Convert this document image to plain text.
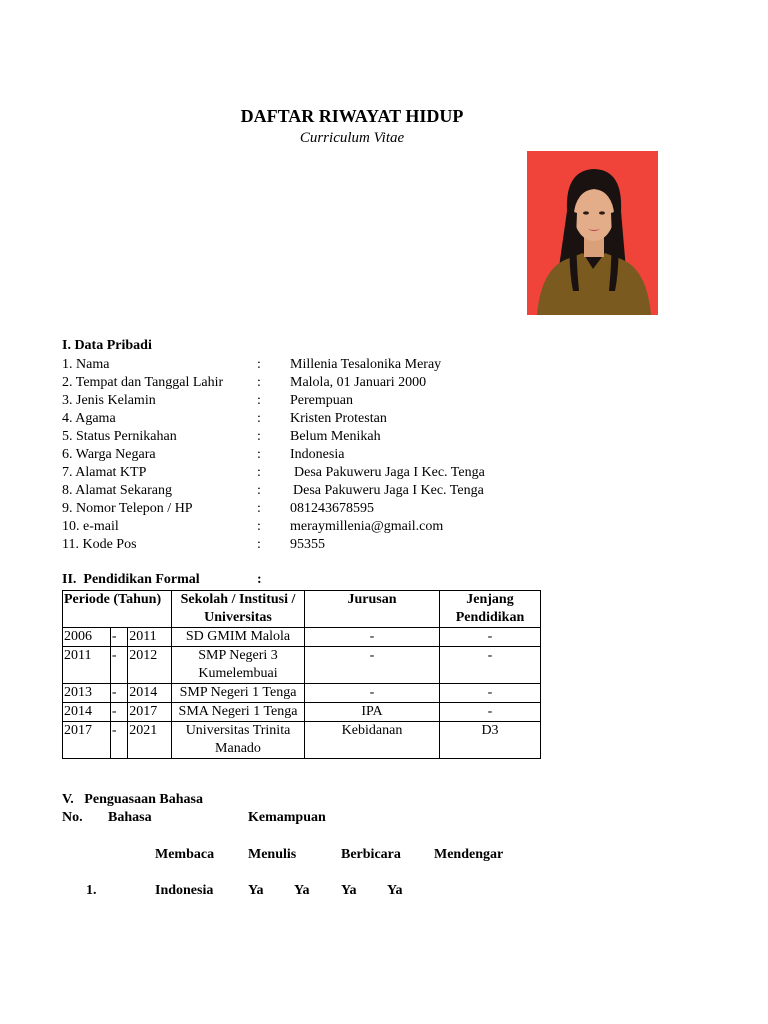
DAFTAR RIWAYAT HIDUP
Curriculum Vitae
I. Data Pribadi
1. Nama	: Millenia Tesalonika Meray
2. Tempat dan Tanggal Lahir : Malola, 01 Januari 2000
3. Jenis Kelamin	: Perempuan
4. Agama	: Kristen Protestan
5. Status Pernikahan	: Belum Menikah
6. Warga Negara	: Indonesia
7. Alamat KTP	: Desa Pakuweru Jaga I Kec. Tenga
8. Alamat Sekarang	: Desa Pakuweru Jaga I Kec. Tenga
9. Nomor Telepon / HP	: 081243678595
10. e-mail	: meraymillenia@gmail.com
11. Kode Pos	: 95355
II.  Pendidikan Formal	:
Periode (Tahun)			Sekolah / Institusi / Universitas	Jurusan	Jenjang Pendidikan
2006	-	2011	SD GMIM Malola	-	-
2011	-	2012	SMP Negeri 3 Kumelembuai	-	-
2013	-	2014	SMP Negeri 1 Tenga	-	-
2014	-	2017	SMA Negeri 1 Tenga	IPA	-
2017	-	2021	Universitas Trinita Manado	Kebidanan	D3
V.   Penguasaan Bahasa
No. Bahasa	Kemampuan
Membaca Menulis	Berbicara Mendengar
1.	Indonesia Ya Ya Ya Ya
